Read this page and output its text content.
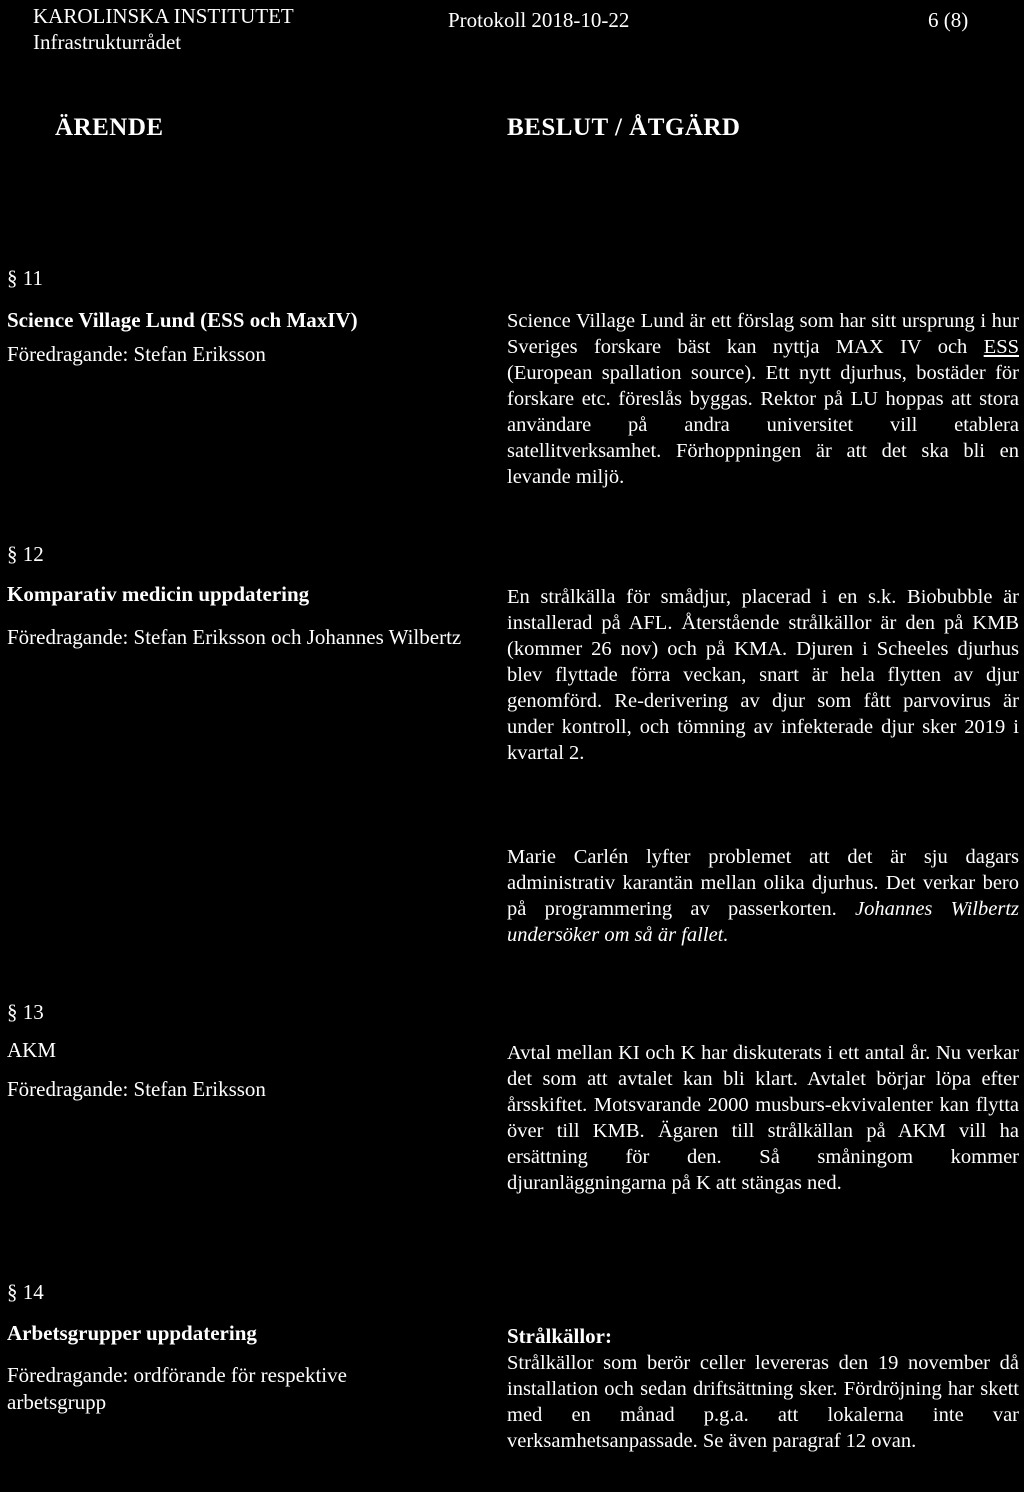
KAROLINSKA INSTITUTET
Infrastrukturrådet
Protokoll 2018-10-22	6 (8)
ÄRENDE	BESLUT / ÅTGÄRD
§ 11
Science Village Lund (ESS och MaxIV)
Föredragande: Stefan Eriksson
Science Village Lund är ett förslag som har sitt ursprung i hur Sveriges forskare bäst kan nyttja MAX IV och ESS (European spallation source). Ett nytt djurhus, bostäder för forskare etc. föreslås byggas. Rektor på LU hoppas att stora användare på andra universitet vill etablera satellitverksamhet. Förhoppningen är att det ska bli en levande miljö.
§ 12
Komparativ medicin uppdatering
Föredragande: Stefan Eriksson och Johannes Wilbertz
En strålkälla för smådjur, placerad i en s.k. Biobubble är installerad på AFL. Återstående strålkällor är den på KMB (kommer 26 nov) och på KMA. Djuren i Scheeles djurhus blev flyttade förra veckan, snart är hela flytten av djur genomförd. Re-derivering av djur som fått parvovirus är under kontroll, och tömning av infekterade djur sker 2019 i kvartal 2.
Marie Carlén lyfter problemet att det är sju dagars administrativ karantän mellan olika djurhus. Det verkar bero på programmering av passerkorten. Johannes Wilbertz undersöker om så är fallet.
§ 13
AKM
Föredragande: Stefan Eriksson
Avtal mellan KI och K har diskuterats i ett antal år. Nu verkar det som att avtalet kan bli klart. Avtalet börjar löpa efter årsskiftet. Motsvarande 2000 musburs-ekvivalenter kan flytta över till KMB. Ägaren till strålkällan på AKM vill ha ersättning för den. Så småningom kommer djuranläggningarna på K att stängas ned.
§ 14
Arbetsgrupper uppdatering
Föredragande: ordförande för respektive arbetsgrupp
Strålkällor:
Strålkällor som berör celler levereras den 19 november då installation och sedan driftsättning sker. Fördröjning har skett med en månad p.g.a. att lokalerna inte var verksamhetsanpassade. Se även paragraf 12 ovan.
